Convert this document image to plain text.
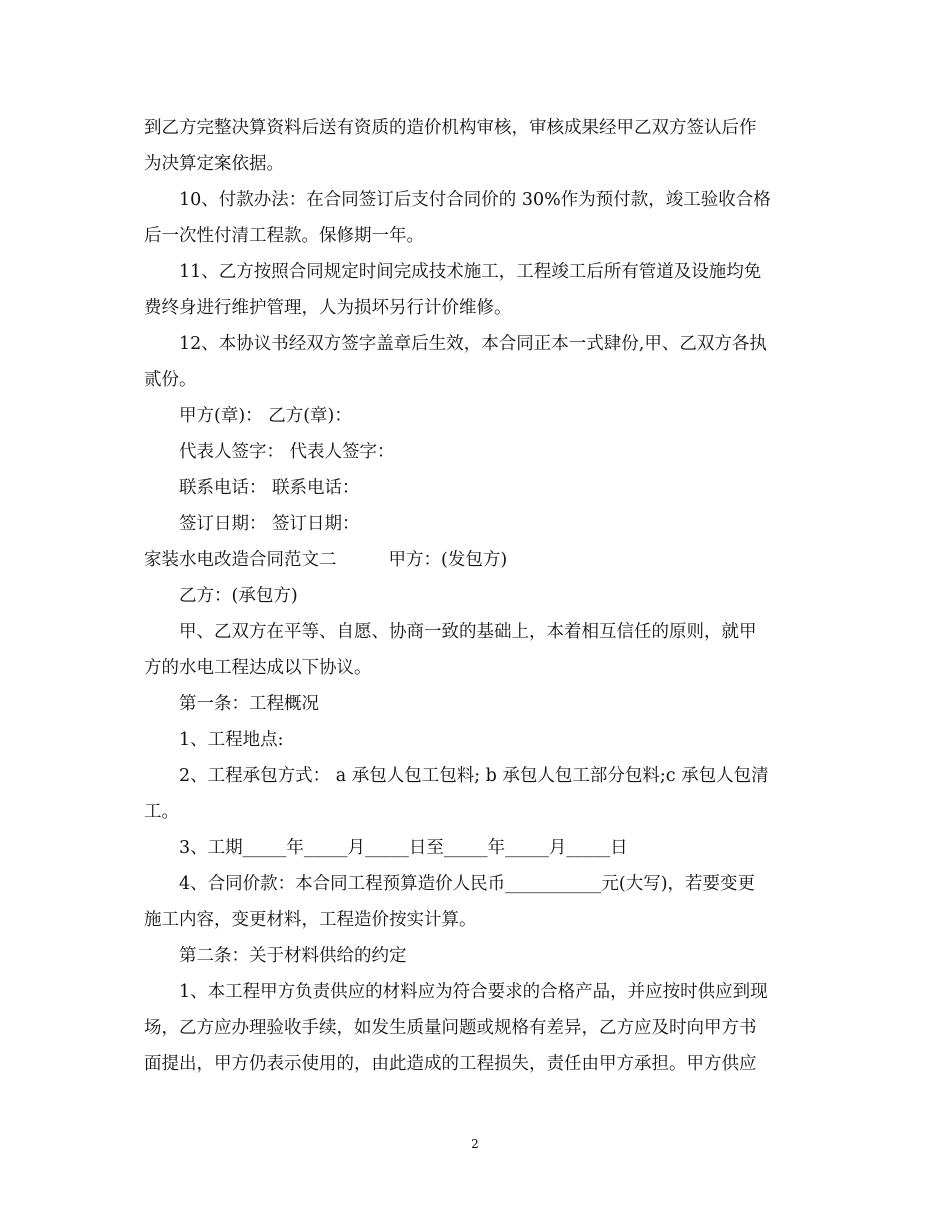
到乙方完整决算资料后送有资质的造价机构审核，审核成果经甲乙双方签认后作
为决算定案依据。
10、付款办法：在合同签订后支付合同价的 30%作为预付款，竣工验收合格
后一次性付清工程款。保修期一年。
11、乙方按照合同规定时间完成技术施工，工程竣工后所有管道及设施均免
费终身进行维护管理，人为损坏另行计价维修。
12、本协议书经双方签字盖章后生效，本合同正本一式肆份,甲、乙双方各执
贰份。
甲方(章)： 乙方(章)：
代表人签字： 代表人签字：
联系电话： 联系电话：
签订日期： 签订日期：
家装水电改造合同范文二	甲方：(发包方)
乙方：(承包方)
甲、乙双方在平等、自愿、协商一致的基础上，本着相互信任的原则，就甲
方的水电工程达成以下协议。
第一条：工程概况
1、工程地点:
2、工程承包方式： a 承包人包工包料; b 承包人包工部分包料;c 承包人包清
工。
3、工期_____年_____月_____日至_____年_____月_____日
4、合同价款：本合同工程预算造价人民币___________元(大写)，若要变更
施工内容，变更材料，工程造价按实计算。
第二条：关于材料供给的约定
1、本工程甲方负责供应的材料应为符合要求的合格产品，并应按时供应到现
场，乙方应办理验收手续，如发生质量问题或规格有差异，乙方应及时向甲方书
面提出，甲方仍表示使用的，由此造成的工程损失，责任由甲方承担。甲方供应
2
